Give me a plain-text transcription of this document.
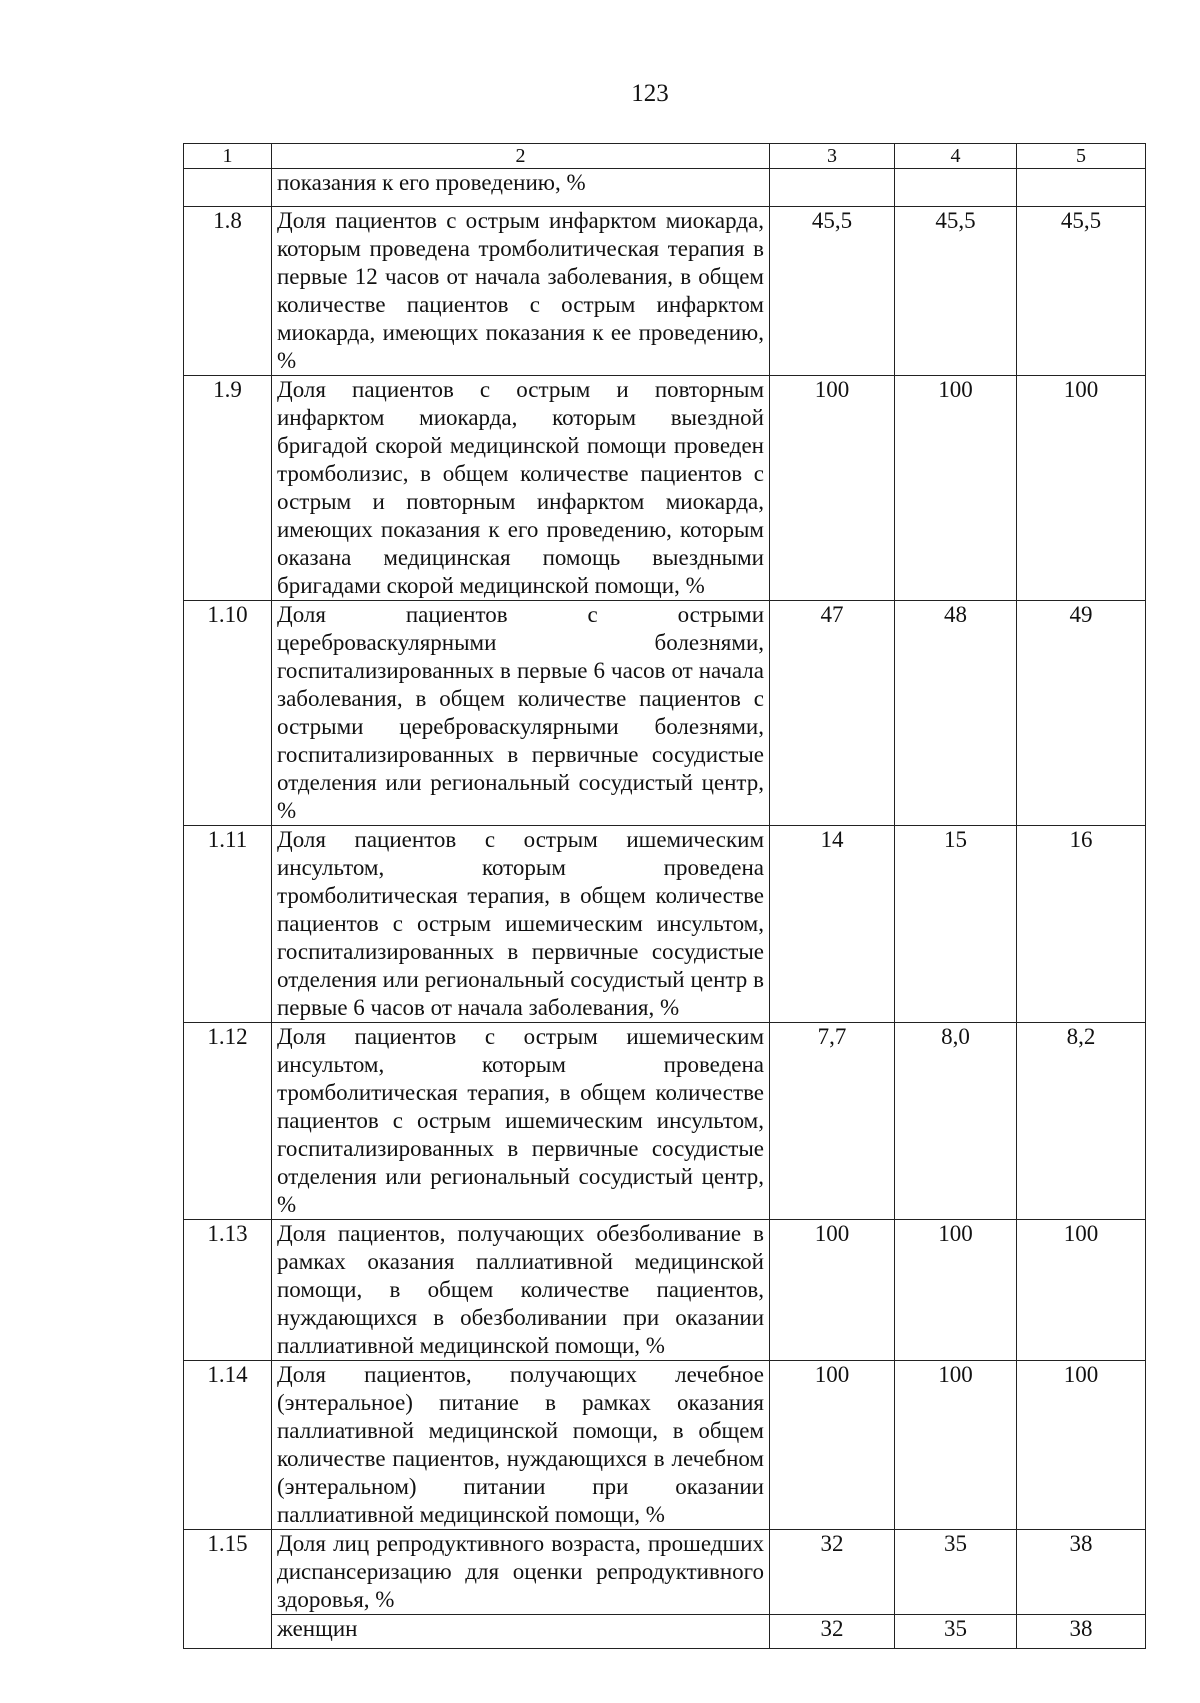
123
1	2	3	4	5
	показания к его проведению, %			
1.8	Доля пациентов с острым инфарктом миокарда, которым проведена тромболитическая терапия в первые 12 часов от начала заболевания, в общем количестве пациентов с острым инфарктом миокарда, имеющих показания к ее проведению, %	45,5	45,5	45,5
1.9	Доля пациентов с острым и повторным инфарктом миокарда, которым выездной бригадой скорой медицинской помощи проведен тромболизис, в общем количестве пациентов с острым и повторным инфарктом миокарда, имеющих показания к его проведению, которым оказана медицинская помощь выездными бригадами скорой медицинской помощи, %	100	100	100
1.10	Доля пациентов с острыми цереброваскулярными болезнями, госпитализированных в первые 6 часов от начала заболевания, в общем количестве пациентов с острыми цереброваскулярными болезнями, госпитализированных в первичные сосудистые отделения или региональный сосудистый центр, %	47	48	49
1.11	Доля пациентов с острым ишемическим инсультом, которым проведена тромболитическая терапия, в общем количестве пациентов с острым ишемическим инсультом, госпитализированных в первичные сосудистые отделения или региональный сосудистый центр в первые 6 часов от начала заболевания, %	14	15	16
1.12	Доля пациентов с острым ишемическим инсультом, которым проведена тромболитическая терапия, в общем количестве пациентов с острым ишемическим инсультом, госпитализированных в первичные сосудистые отделения или региональный сосудистый центр, %	7,7	8,0	8,2
1.13	Доля пациентов, получающих обезболивание в рамках оказания паллиативной медицинской помощи, в общем количестве пациентов, нуждающихся в обезболивании при оказании паллиативной медицинской помощи, %	100	100	100
1.14	Доля пациентов, получающих лечебное (энтеральное) питание в рамках оказания паллиативной медицинской помощи, в общем количестве пациентов, нуждающихся в лечебном (энтеральном) питании при оказании паллиативной медицинской помощи, %	100	100	100
1.15	Доля лиц репродуктивного возраста, прошедших диспансеризацию для оценки репродуктивного здоровья, %	32	35	38
	женщин	32	35	38
